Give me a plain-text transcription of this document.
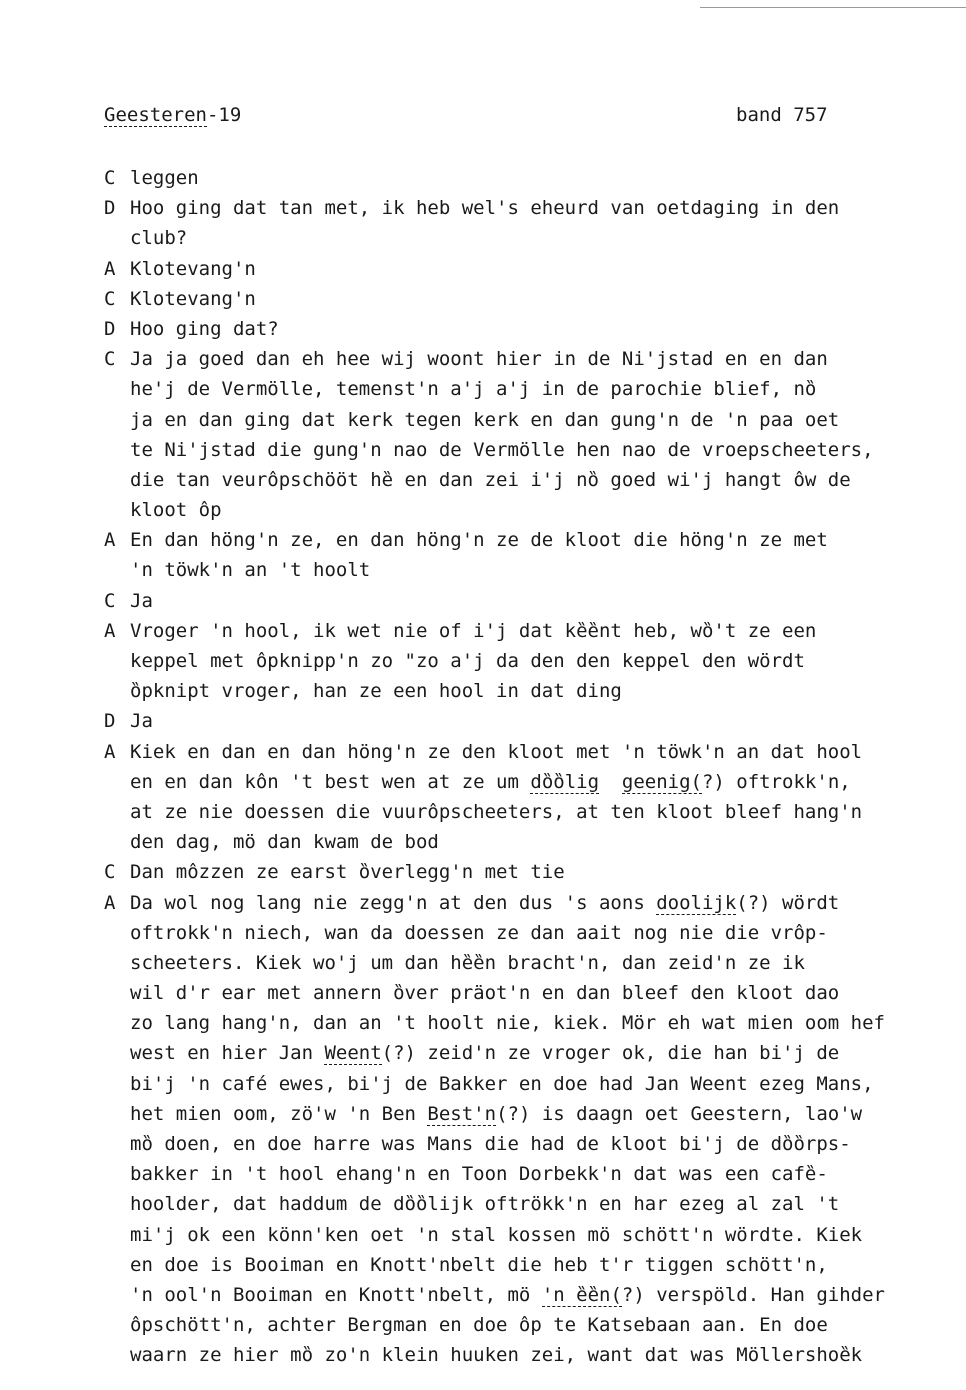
Geesteren-19	band 757
C leggen
D Hoo ging dat tan met, ik heb wel's eheurd van oetdaging in den
club?
A Klotevang'n
C Klotevang'n
D Hoo ging dat?
C Ja ja goed dan eh hee wij woont hier in de Ni'jstad en en dan
he'j de Vermölle, temenst'n a'j a'j in de parochie blief, nȍ
ja en dan ging dat kerk tegen kerk en dan gung'n de 'n paa oet
te Ni'jstad die gung'n nao de Vermölle hen nao de vroepscheeters,
die tan veurôpschööt hȅ en dan zei i'j nȍ goed wi'j hangt ôw de
kloot ôp
A En dan höng'n ze, en dan höng'n ze de kloot die höng'n ze met
'n töwk'n an 't hoolt
C Ja
A Vroger 'n hool, ik wet nie of i'j dat kȅȅnt heb, wȍ't ze een
keppel met ôpknipp'n zo "zo a'j da den den keppel den wördt
ȍpknipt vroger, han ze een hool in dat ding
D Ja
A Kiek en dan en dan höng'n ze den kloot met 'n töwk'n an dat hool
en en dan kôn 't best wen at ze um dȍȍlig geenig(?) oftrokk'n,
at ze nie doessen die vuurôpscheeters, at ten kloot bleef hang'n
den dag, mö dan kwam de bod
C Dan môzzen ze earst ȍverlegg'n met tie
A Da wol nog lang nie zegg'n at den dus 's aons doolijk(?) wördt
oftrokk'n niech, wan da doessen ze dan aait nog nie die vrôp-
scheeters. Kiek wo'j um dan hȅȅn bracht'n, dan zeid'n ze ik
wil d'r ear met annern ȍver präot'n en dan bleef den kloot dao
zo lang hang'n, dan an 't hoolt nie, kiek. Mör eh wat mien oom hef
west en hier Jan Weent(?) zeid'n ze vroger ok, die han bi'j de
bi'j 'n café ewes, bi'j de Bakker en doe had Jan Weent ezeg Mans,
het mien oom, zö'w 'n Ben Best'n(?) is daagn oet Geestern, lao'w
mȍ doen, en doe harre was Mans die had de kloot bi'j de dȍȍrps-
bakker in 't hool ehang'n en Toon Dorbekk'n dat was een cafȅ-
hoolder, dat haddum de dȍȍlijk oftrökk'n en har ezeg al zal 't
mi'j ok een könn'ken oet 'n stal kossen mö schött'n wördte. Kiek
en doe is Booiman en Knott'nbelt die heb t'r tiggen schött'n,
'n ool'n Booiman en Knott'nbelt, mö 'n ȅȅn(?) verspöld. Han gihder
ôpschött'n, achter Bergman en doe ôp te Katsebaan aan. En doe
waarn ze hier mȍ zo'n klein huuken zei, want dat was Möllershoȅk
